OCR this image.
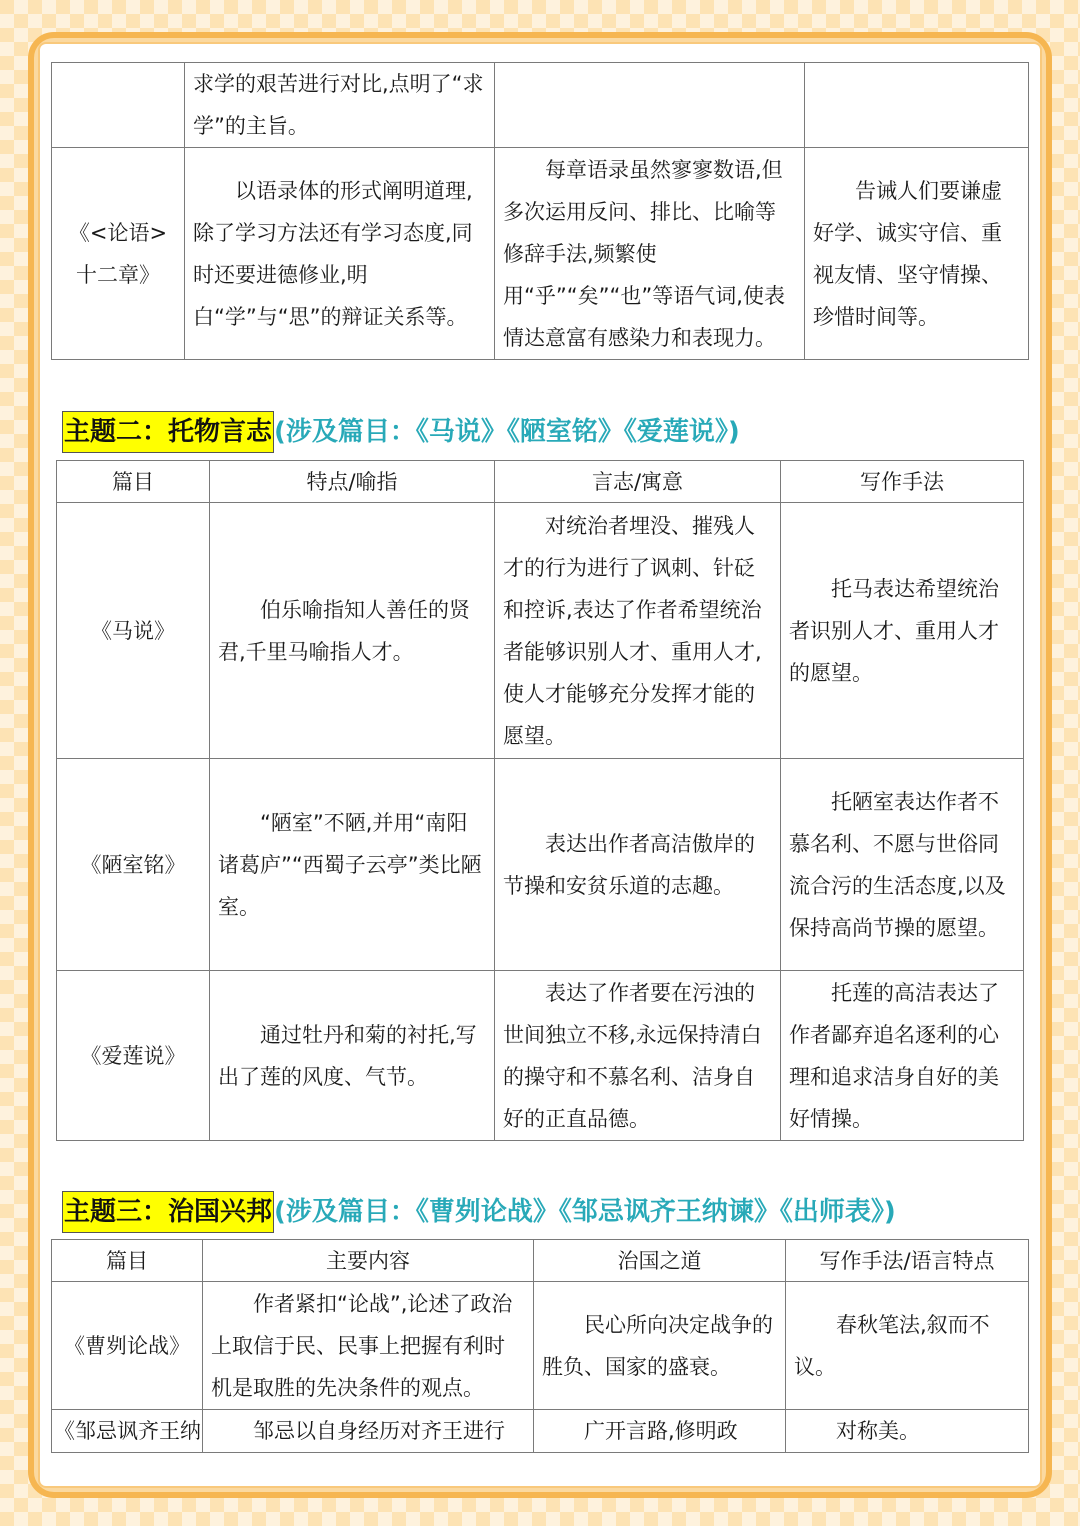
	求学的艰苦进行对比,点明了“求学”的主旨。		
《<论语>十二章》	以语录体的形式阐明道理,除了学习方法还有学习态度,同时还要进德修业,明白“学”与“思”的辩证关系等。	每章语录虽然寥寥数语,但多次运用反问、排比、比喻等修辞手法,频繁使用“乎”“矣”“也”等语气词,使表情达意富有感染力和表现力。	告诫人们要谦虚好学、诚实守信、重视友情、坚守情操、珍惜时间等。
主题二：托物言志(涉及篇目：《马说》《陋室铭》《爱莲说》)
篇目	特点/喻指	言志/寓意	写作手法
《马说》	伯乐喻指知人善任的贤君,千里马喻指人才。	对统治者埋没、摧残人才的行为进行了讽刺、针砭和控诉,表达了作者希望统治者能够识别人才、重用人才,使人才能够充分发挥才能的愿望。	托马表达希望统治者识别人才、重用人才的愿望。
《陋室铭》	“陋室”不陋,并用“南阳诸葛庐”“西蜀子云亭”类比陋室。	表达出作者高洁傲岸的节操和安贫乐道的志趣。	托陋室表达作者不慕名利、不愿与世俗同流合污的生活态度,以及保持高尚节操的愿望。
《爱莲说》	通过牡丹和菊的衬托,写出了莲的风度、气节。	表达了作者要在污浊的世间独立不移,永远保持清白的操守和不慕名利、洁身自好的正直品德。	托莲的高洁表达了作者鄙弃追名逐利的心理和追求洁身自好的美好情操。
主题三：治国兴邦(涉及篇目：《曹刿论战》《邹忌讽齐王纳谏》《出师表》)
篇目	主要内容	治国之道	写作手法/语言特点
《曹刿论战》	作者紧扣“论战”,论述了政治上取信于民、民事上把握有利时机是取胜的先决条件的观点。	民心所向决定战争的胜负、国家的盛衰。	春秋笔法,叙而不议。
《邹忌讽齐王纳	邹忌以自身经历对齐王进行	广开言路,修明政	对称美。
